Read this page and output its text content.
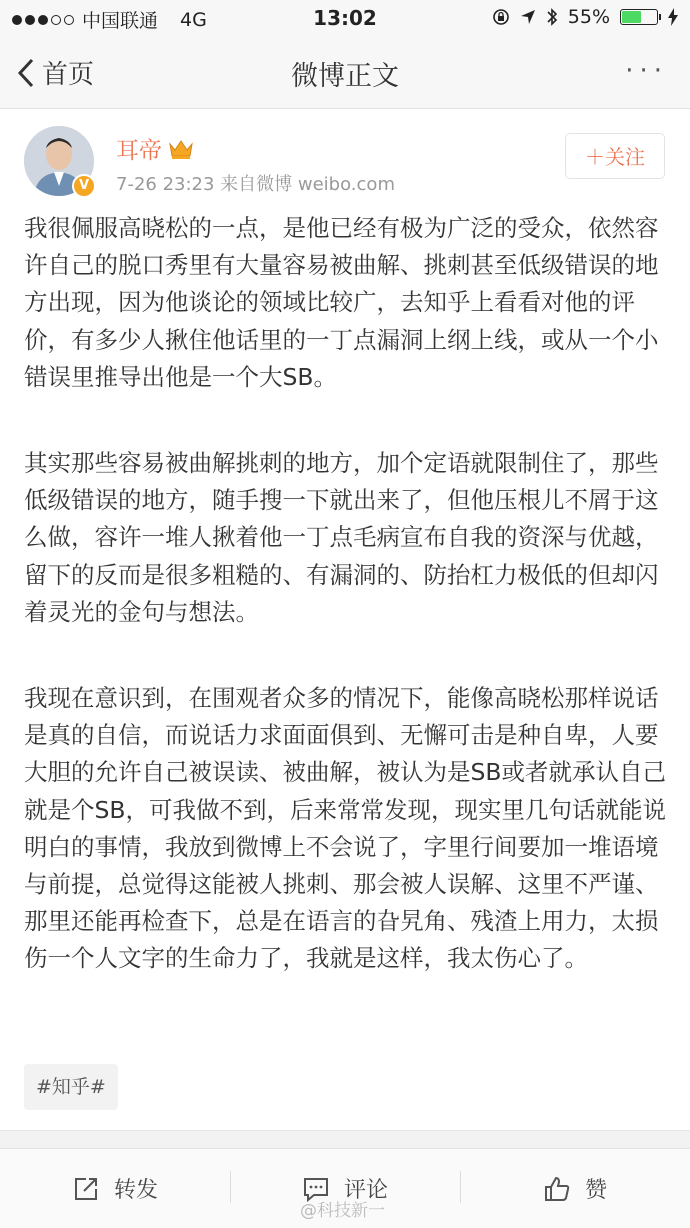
中国联通 4G	13:02	55%
首页	微博正文	···
V
耳帝
7-26 23:23 来自微博 weibo.com
＋关注

我很佩服高晓松的一点，是他已经有极为广泛的受众，依然容许自己的脱口秀里有大量容易被曲解、挑刺甚至低级错误的地方出现，因为他谈论的领域比较广，去知乎上看看对他的评价，有多少人揪住他话里的一丁点漏洞上纲上线，或从一个小错误里推导出他是一个大SB。

其实那些容易被曲解挑刺的地方，加个定语就限制住了，那些低级错误的地方，随手搜一下就出来了，但他压根儿不屑于这么做，容许一堆人揪着他一丁点毛病宣布自我的资深与优越，留下的反而是很多粗糙的、有漏洞的、防抬杠力极低的但却闪着灵光的金句与想法。

我现在意识到，在围观者众多的情况下，能像高晓松那样说话是真的自信，而说话力求面面俱到、无懈可击是种自卑，人要大胆的允许自己被误读、被曲解，被认为是SB或者就承认自己就是个SB，可我做不到，后来常常发现，现实里几句话就能说明白的事情，我放到微博上不会说了，字里行间要加一堆语境与前提，总觉得这能被人挑刺、那会被人误解、这里不严谨、那里还能再检查下，总是在语言的旮旯角、残渣上用力，太损伤一个人文字的生命力了，我就是这样，我太伤心了。

#知乎#
转发	评论	赞
@科技新一
